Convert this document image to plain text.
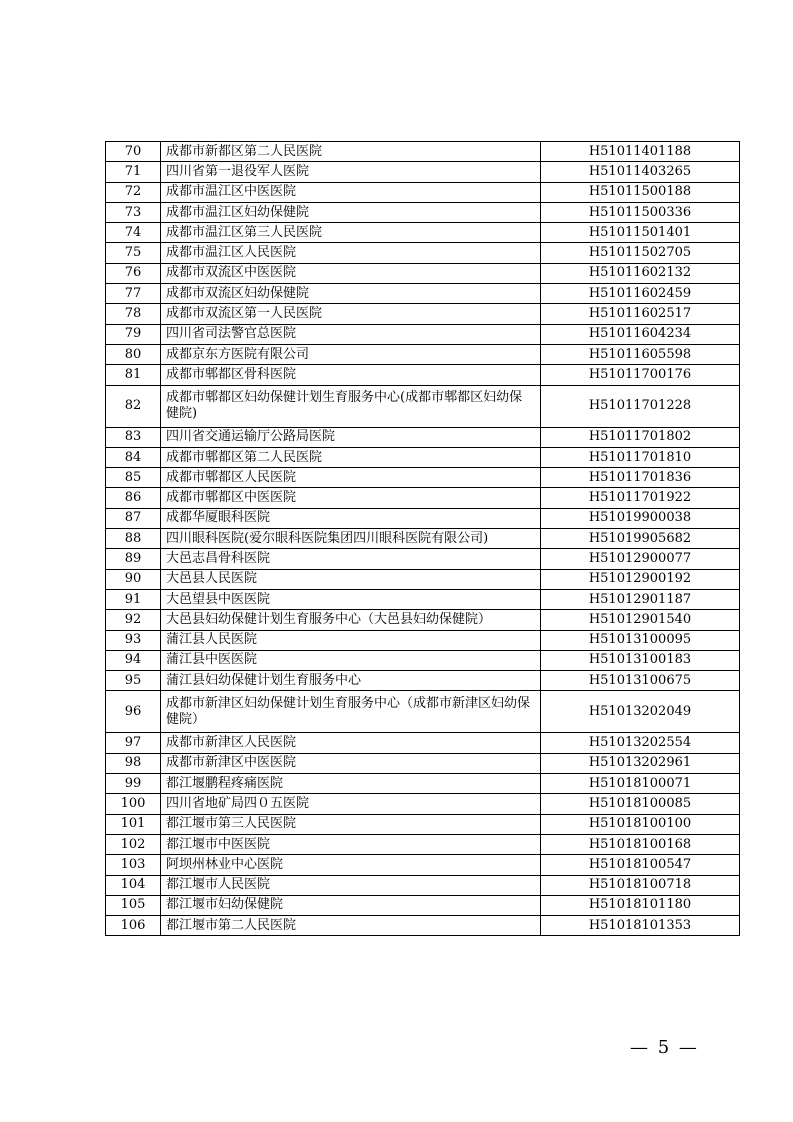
70	成都市新都区第二人民医院	H51011401188
71	四川省第一退役军人医院	H51011403265
72	成都市温江区中医医院	H51011500188
73	成都市温江区妇幼保健院	H51011500336
74	成都市温江区第三人民医院	H51011501401
75	成都市温江区人民医院	H51011502705
76	成都市双流区中医医院	H51011602132
77	成都市双流区妇幼保健院	H51011602459
78	成都市双流区第一人民医院	H51011602517
79	四川省司法警官总医院	H51011604234
80	成都京东方医院有限公司	H51011605598
81	成都市郫都区骨科医院	H51011700176
82	成都市郫都区妇幼保健计划生育服务中心(成都市郫都区妇幼保健院)	H51011701228
83	四川省交通运输厅公路局医院	H51011701802
84	成都市郫都区第二人民医院	H51011701810
85	成都市郫都区人民医院	H51011701836
86	成都市郫都区中医医院	H51011701922
87	成都华厦眼科医院	H51019900038
88	四川眼科医院(爱尔眼科医院集团四川眼科医院有限公司)	H51019905682
89	大邑志昌骨科医院	H51012900077
90	大邑县人民医院	H51012900192
91	大邑望县中医医院	H51012901187
92	大邑县妇幼保健计划生育服务中心（大邑县妇幼保健院）	H51012901540
93	蒲江县人民医院	H51013100095
94	蒲江县中医医院	H51013100183
95	蒲江县妇幼保健计划生育服务中心	H51013100675
96	成都市新津区妇幼保健计划生育服务中心（成都市新津区妇幼保健院）	H51013202049
97	成都市新津区人民医院	H51013202554
98	成都市新津区中医医院	H51013202961
99	都江堰鹏程疼痛医院	H51018100071
100	四川省地矿局四０五医院	H51018100085
101	都江堰市第三人民医院	H51018100100
102	都江堰市中医医院	H51018100168
103	阿坝州林业中心医院	H51018100547
104	都江堰市人民医院	H51018100718
105	都江堰市妇幼保健院	H51018101180
106	都江堰市第二人民医院	H51018101353
— 5 —
